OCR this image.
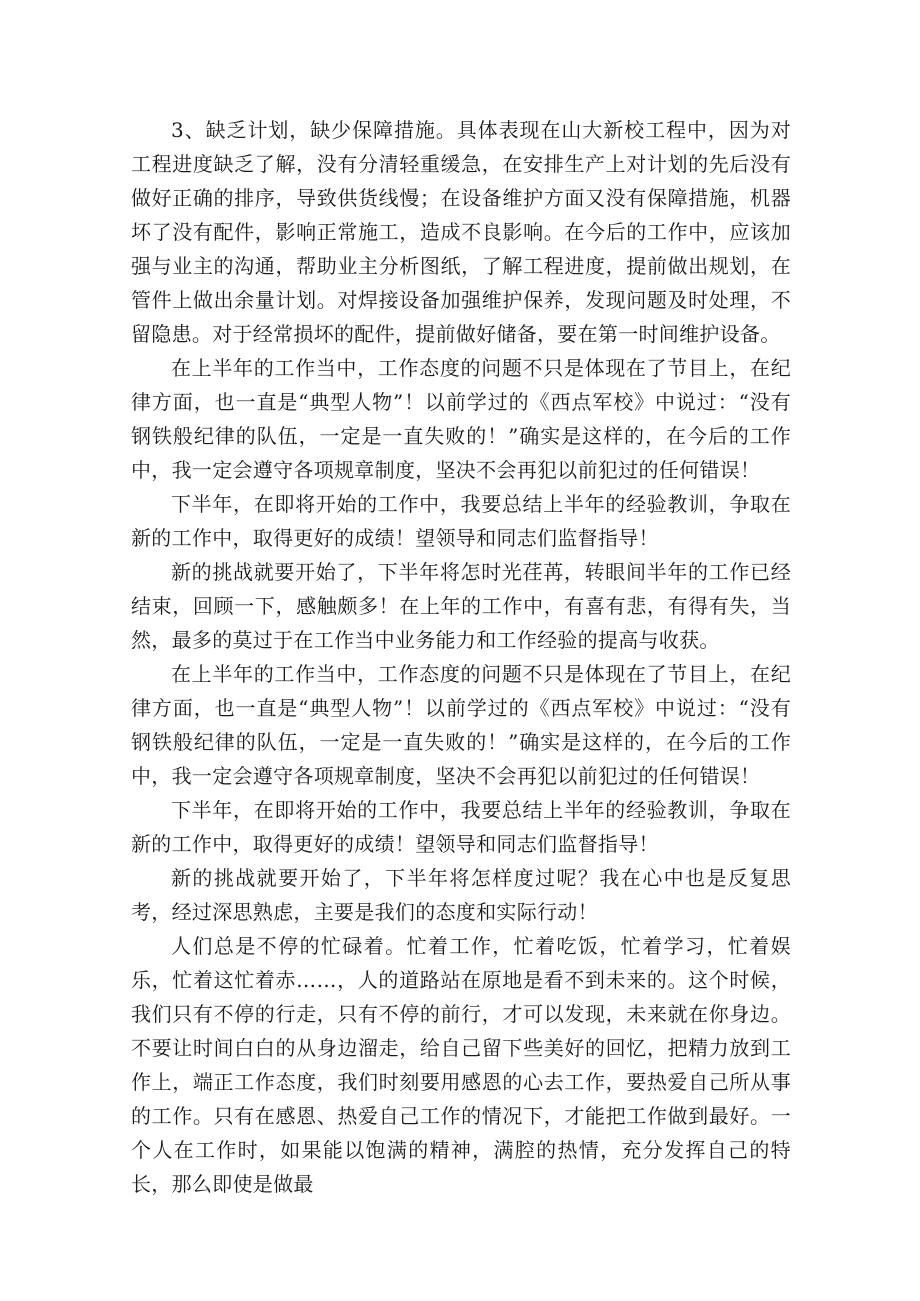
3、缺乏计划，缺少保障措施。具体表现在山大新校工程中，因为对工程进度缺乏了解，没有分清轻重缓急，在安排生产上对计划的先后没有做好正确的排序，导致供货线慢；在设备维护方面又没有保障措施，机器坏了没有配件，影响正常施工，造成不良影响。在今后的工作中，应该加强与业主的沟通，帮助业主分析图纸，了解工程进度，提前做出规划，在管件上做出余量计划。对焊接设备加强维护保养，发现问题及时处理，不留隐患。对于经常损坏的配件，提前做好储备，要在第一时间维护设备。

在上半年的工作当中，工作态度的问题不只是体现在了节目上，在纪律方面，也一直是“典型人物”！以前学过的《西点军校》中说过：“没有钢铁般纪律的队伍，一定是一直失败的！”确实是这样的，在今后的工作中，我一定会遵守各项规章制度，坚决不会再犯以前犯过的任何错误！

下半年，在即将开始的工作中，我要总结上半年的经验教训，争取在新的工作中，取得更好的成绩！望领导和同志们监督指导！

新的挑战就要开始了，下半年将怎时光荏苒，转眼间半年的工作已经结束，回顾一下，感触颇多！在上年的工作中，有喜有悲，有得有失，当然，最多的莫过于在工作当中业务能力和工作经验的提高与收获。

在上半年的工作当中，工作态度的问题不只是体现在了节目上，在纪律方面，也一直是“典型人物”！以前学过的《西点军校》中说过：“没有钢铁般纪律的队伍，一定是一直失败的！”确实是这样的，在今后的工作中，我一定会遵守各项规章制度，坚决不会再犯以前犯过的任何错误！

下半年，在即将开始的工作中，我要总结上半年的经验教训，争取在新的工作中，取得更好的成绩！望领导和同志们监督指导！

新的挑战就要开始了，下半年将怎样度过呢？我在心中也是反复思考，经过深思熟虑，主要是我们的态度和实际行动！

人们总是不停的忙碌着。忙着工作，忙着吃饭，忙着学习，忙着娱乐，忙着这忙着赤……，人的道路站在原地是看不到未来的。这个时候，我们只有不停的行走，只有不停的前行，才可以发现，未来就在你身边。不要让时间白白的从身边溜走，给自己留下些美好的回忆，把精力放到工作上，端正工作态度，我们时刻要用感恩的心去工作，要热爱自己所从事的工作。只有在感恩、热爱自己工作的情况下，才能把工作做到最好。一个人在工作时，如果能以饱满的精神，满腔的热情，充分发挥自己的特长，那么即使是做最
